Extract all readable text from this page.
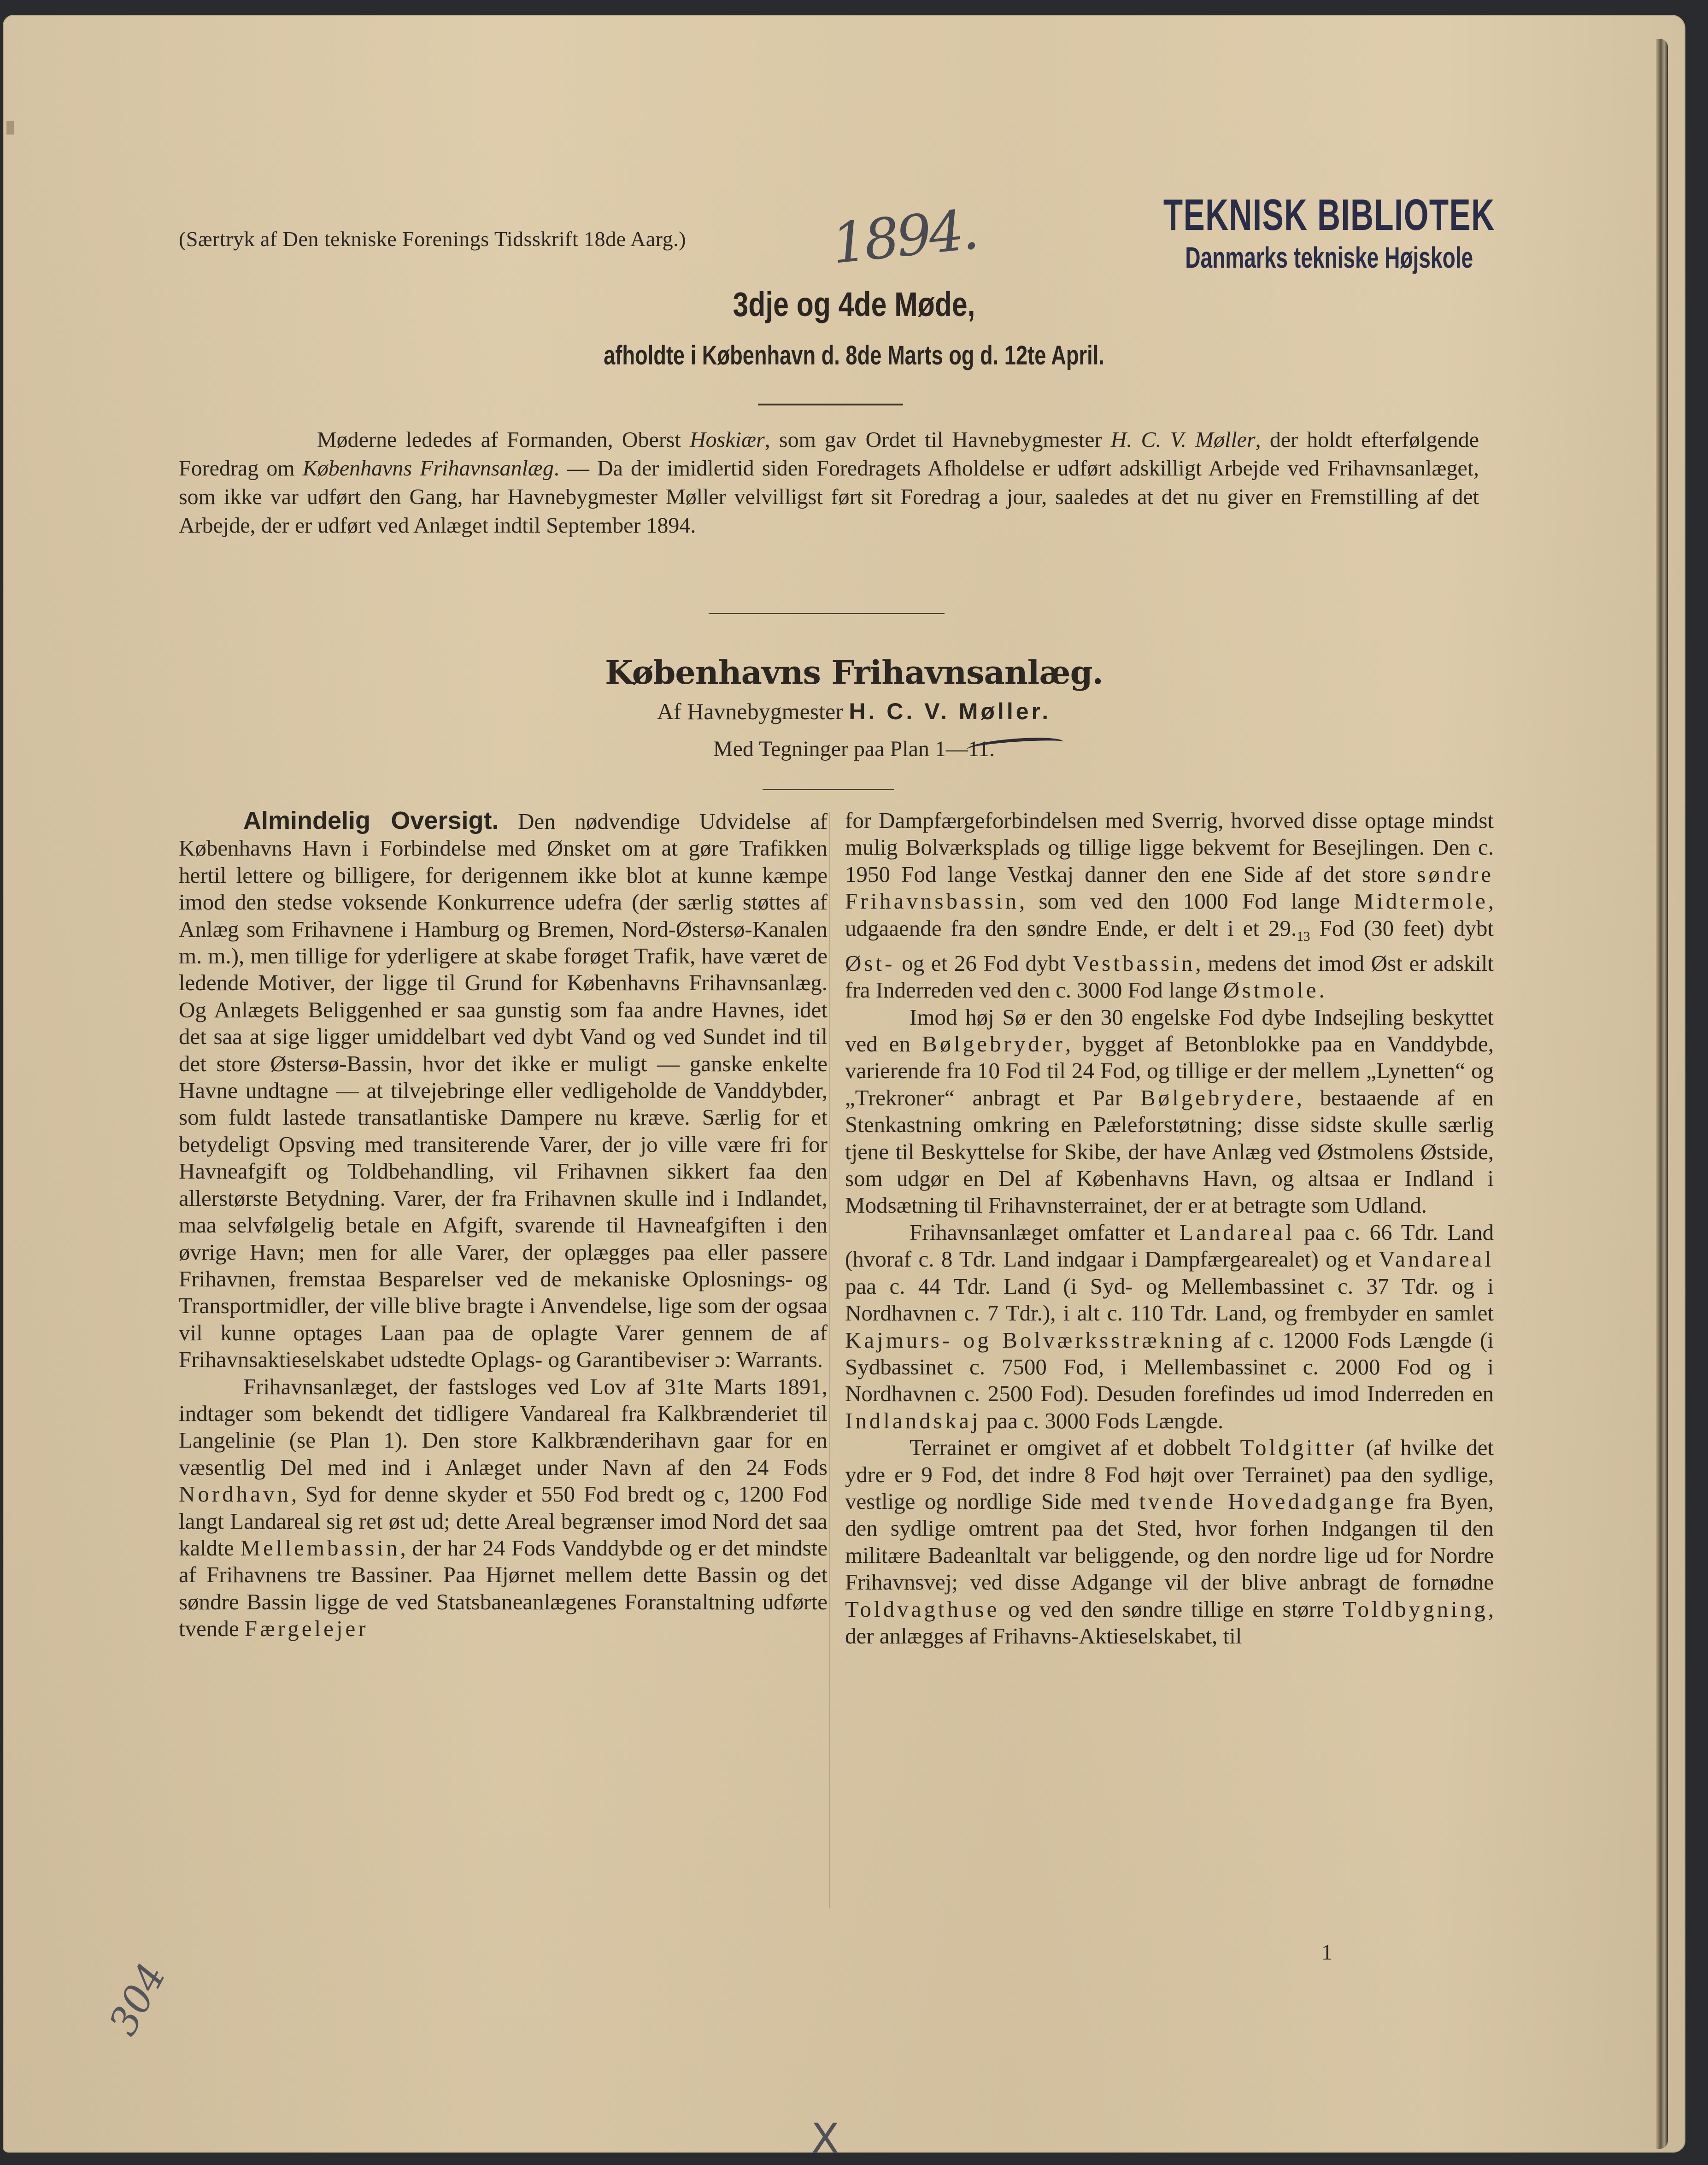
(Særtryk af Den tekniske Forenings Tidsskrift 18de Aarg.)	1894.	TEKNISK BIBLIOTEK
Danmarks tekniske Højskole
3dje og 4de Møde,
afholdte i København d. 8de Marts og d. 12te April.

Møderne lededes af Formanden, Oberst Hoskiær, som gav Ordet til Havnebygmester H. C. V. Møller, der holdt efterfølgende Foredrag om Københavns Frihavnsanlæg. — Da der imidlertid siden Foredragets Afholdelse er udført adskilligt Arbejde ved Frihavnsanlæget, som ikke var udført den Gang, har Havnebygmester Møller velvilligst ført sit Foredrag a jour, saaledes at det nu giver en Fremstilling af det Arbejde, der er udført ved Anlæget indtil September 1894.

Københavns Frihavnsanlæg.
Af Havnebygmester H. C. V. Møller.
Med Tegninger paa Plan 1—11.

Almindelig Oversigt. Den nødvendige Udvidelse af Københavns Havn i Forbindelse med Ønsket om at gøre Trafikken hertil lettere og billigere, for derigennem ikke blot at kunne kæmpe imod den stedse voksende Konkurrence udefra (der særlig støttes af Anlæg som Frihavnene i Hamburg og Bremen, Nord-Østersø-Kanalen m. m.), men tillige for yderligere at skabe forøget Trafik, have været de ledende Motiver, der ligge til Grund for Københavns Frihavnsanlæg. Og Anlægets Beliggenhed er saa gunstig som faa andre Havnes, idet det saa at sige ligger umiddelbart ved dybt Vand og ved Sundet ind til det store Østersø-Bassin, hvor det ikke er muligt — ganske enkelte Havne undtagne — at tilvejebringe eller vedligeholde de Vanddybder, som fuldt lastede transatlantiske Dampere nu kræve. Særlig for et betydeligt Opsving med transiterende Varer, der jo ville være fri for Havneafgift og Toldbehandling, vil Frihavnen sikkert faa den allerstørste Betydning. Varer, der fra Frihavnen skulle ind i Indlandet, maa selvfølgelig betale en Afgift, svarende til Havneafgiften i den øvrige Havn; men for alle Varer, der oplægges paa eller passere Frihavnen, fremstaa Besparelser ved de mekaniske Oplosnings- og Transportmidler, der ville blive bragte i Anvendelse, lige som der ogsaa vil kunne optages Laan paa de oplagte Varer gennem de af Frihavnsaktieselskabet udstedte Oplags- og Garantibeviser ɔ: Warrants.

Frihavnsanlæget, der fastsloges ved Lov af 31te Marts 1891, indtager som bekendt det tidligere Vandareal fra Kalkbrænderiet til Langelinie (se Plan 1). Den store Kalkbrænderihavn gaar for en væsentlig Del med ind i Anlæget under Navn af den 24 Fods Nordhavn, Syd for denne skyder et 550 Fod bredt og c, 1200 Fod langt Landareal sig ret øst ud; dette Areal begrænser imod Nord det saa kaldte Mellembassin, der har 24 Fods Vanddybde og er det mindste af Frihavnens tre Bassiner. Paa Hjørnet mellem dette Bassin og det søndre Bassin ligge de ved Statsbaneanlægenes Foranstaltning udførte tvende Færgelejer

for Dampfærgeforbindelsen med Sverrig, hvorved disse optage mindst mulig Bolværksplads og tillige ligge bekvemt for Besejlingen. Den c. 1950 Fod lange Vestkaj danner den ene Side af det store søndre Frihavnsbassin, som ved den 1000 Fod lange Midtermole, udgaaende fra den søndre Ende, er delt i et $29._{13}$ Fod (30 feet) dybt Øst- og et 26 Fod dybt Vestbassin, medens det imod Øst er adskilt fra Inderreden ved den c. 3000 Fod lange Østmole.

Imod høj Sø er den 30 engelske Fod dybe Indsejling beskyttet ved en Bølgebryder, bygget af Betonblokke paa en Vanddybde, varierende fra 10 Fod til 24 Fod, og tillige er der mellem „Lynetten“ og „Trekroner“ anbragt et Par Bølgebrydere, bestaaende af en Stenkastning omkring en Pæleforstøtning; disse sidste skulle særlig tjene til Beskyttelse for Skibe, der have Anlæg ved Østmolens Østside, som udgør en Del af Københavns Havn, og altsaa er Indland i Modsætning til Frihavnsterrainet, der er at betragte som Udland.

Frihavnsanlæget omfatter et Landareal paa c. 66 Tdr. Land (hvoraf c. 8 Tdr. Land indgaar i Dampfærgearealet) og et Vandareal paa c. 44 Tdr. Land (i Syd- og Mellembassinet c. 37 Tdr. og i Nordhavnen c. 7 Tdr.), i alt c. 110 Tdr. Land, og frembyder en samlet Kajmurs- og Bolværksstrækning af c. 12000 Fods Længde (i Sydbassinet c. 7500 Fod, i Mellembassinet c. 2000 Fod og i Nordhavnen c. 2500 Fod). Desuden forefindes ud imod Inderreden en Indlandskaj paa c. 3000 Fods Længde.

Terrainet er omgivet af et dobbelt Toldgitter (af hvilke det ydre er 9 Fod, det indre 8 Fod højt over Terrainet) paa den sydlige, vestlige og nordlige Side med tvende Hovedadgange fra Byen, den sydlige omtrent paa det Sted, hvor forhen Indgangen til den militære Badeanltalt var beliggende, og den nordre lige ud for Nordre Frihavnsvej; ved disse Adgange vil der blive anbragt de fornødne Toldvagthuse og ved den søndre tillige en større Toldbygning, der anlægges af Frihavns-Aktieselskabet, til

1
304
X
